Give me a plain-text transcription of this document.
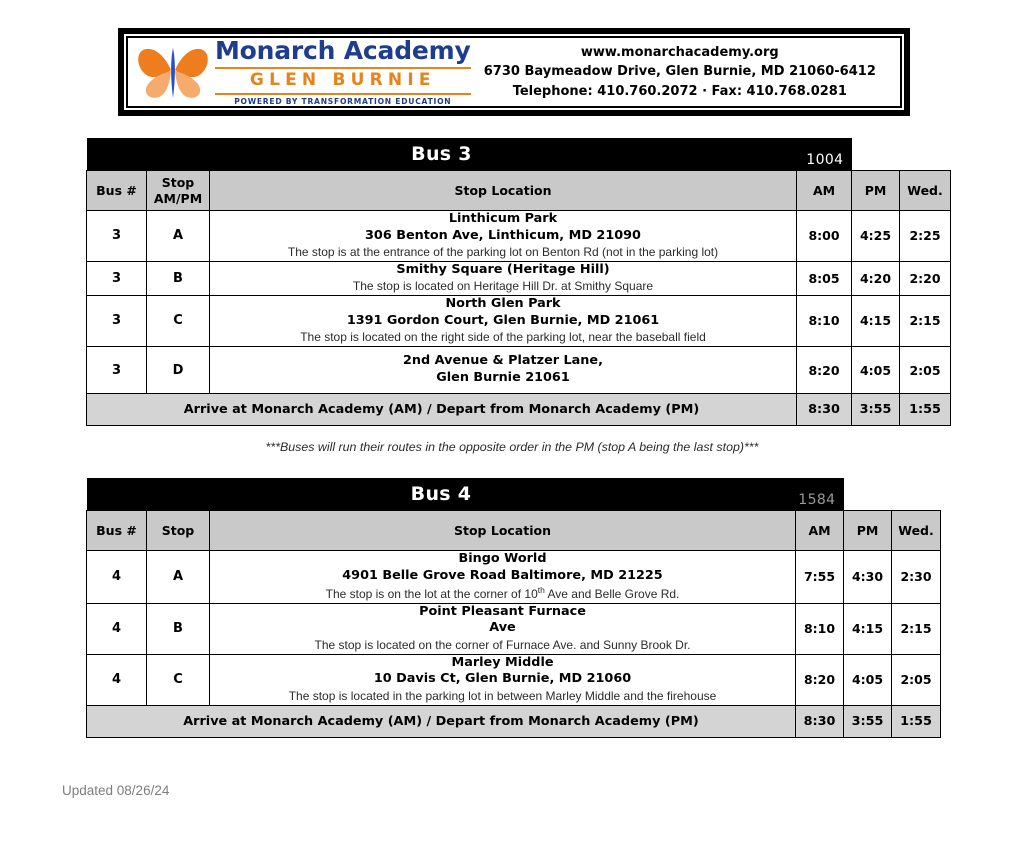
Monarch Academy
GLEN BURNIE
POWERED BY TRANSFORMATION EDUCATION
www.monarchacademy.org
6730 Baymeadow Drive, Glen Burnie, MD 21060-6412
Telephone: 410.760.2072 · Fax: 410.768.0281
Bus 3			1004		

Bus #	Stop
AM/PM	Stop Location	AM	PM	Wed.
3	A	Linthicum Park
306 Benton Ave, Linthicum, MD 21090
The stop is at the entrance of the parking lot on Benton Rd (not in the parking lot)	8:00	4:25	2:25
3	B	Smithy Square (Heritage Hill)
The stop is located on Heritage Hill Dr. at Smithy Square	8:05	4:20	2:20
3	C	North Glen Park
1391 Gordon Court, Glen Burnie, MD 21061
The stop is located on the right side of the parking lot, near the baseball field	8:10	4:15	2:15
3	D	2nd Avenue & Platzer Lane,
Glen Burnie 21061	8:20	4:05	2:05
Arrive at Monarch Academy (AM) / Depart from Monarch Academy (PM)			8:30	3:55	1:55
***Buses will run their routes in the opposite order in the PM (stop A being the last stop)***
Bus 4			1584		

Bus #	Stop	Stop Location	AM	PM	Wed.
4	A	Bingo World
4901 Belle Grove Road Baltimore, MD 21225
The stop is on the lot at the corner of 10th Ave and Belle Grove Rd.	7:55	4:30	2:30
4	B	Point Pleasant Furnace
Ave
The stop is located on the corner of Furnace Ave. and Sunny Brook Dr.	8:10	4:15	2:15
4	C	Marley Middle
10 Davis Ct, Glen Burnie, MD 21060
The stop is located in the parking lot in between Marley Middle and the firehouse	8:20	4:05	2:05
Arrive at Monarch Academy (AM) / Depart from Monarch Academy (PM)			8:30	3:55	1:55
Updated 08/26/24
